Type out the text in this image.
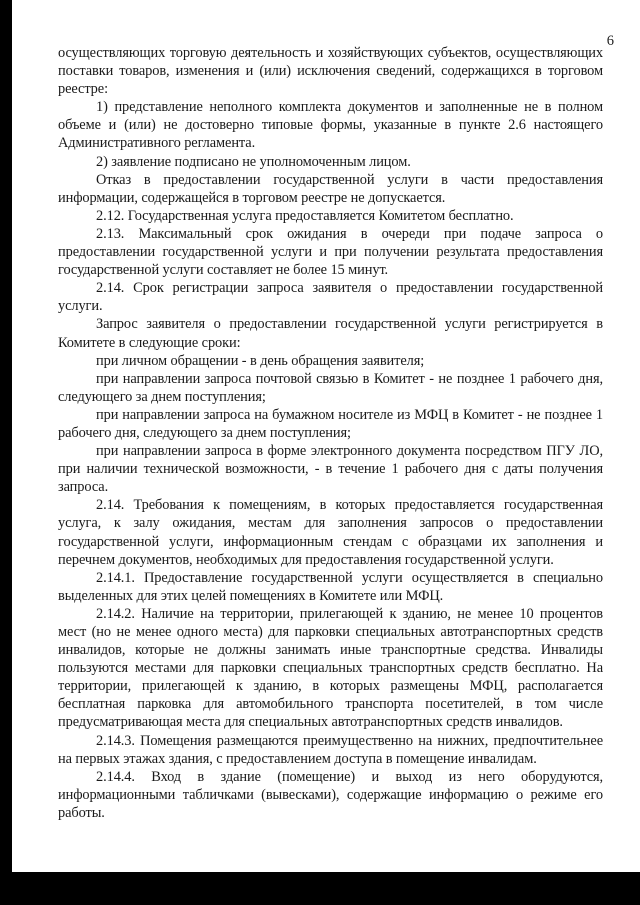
6

осуществляющих торговую деятельность и хозяйствующих субъектов, осуществляющих поставки товаров, изменения и (или) исключения сведений, содержащихся в торговом реестре:

1) представление неполного комплекта документов и заполненные не в полном объеме и (или) не достоверно типовые формы, указанные в пункте 2.6 настоящего Административного регламента.

2) заявление подписано не уполномоченным лицом.

Отказ в предоставлении государственной услуги в части предоставления информации, содержащейся в торговом реестре не допускается.

2.12. Государственная услуга предоставляется Комитетом бесплатно.

2.13. Максимальный срок ожидания в очереди при подаче запроса о предоставлении государственной услуги и при получении результата предоставления государственной услуги составляет не более 15 минут.

2.14. Срок регистрации запроса заявителя о предоставлении государственной услуги.

Запрос заявителя о предоставлении государственной услуги регистрируется в Комитете в следующие сроки:

при личном обращении - в день обращения заявителя;

при направлении запроса почтовой связью в Комитет - не позднее 1 рабочего дня, следующего за днем поступления;

при направлении запроса на бумажном носителе из МФЦ в Комитет - не позднее 1 рабочего дня, следующего за днем поступления;

при направлении запроса в форме электронного документа посредством ПГУ ЛО, при наличии технической возможности, - в течение 1 рабочего дня с даты получения запроса.

2.14. Требования к помещениям, в которых предоставляется государственная услуга, к залу ожидания, местам для заполнения запросов о предоставлении государственной услуги, информационным стендам с образцами их заполнения и перечнем документов, необходимых для предоставления государственной услуги.

2.14.1. Предоставление государственной услуги осуществляется в специально выделенных для этих целей помещениях в Комитете или МФЦ.

2.14.2. Наличие на территории, прилегающей к зданию, не менее 10 процентов мест (но не менее одного места) для парковки специальных автотранспортных средств инвалидов, которые не должны занимать иные транспортные средства. Инвалиды пользуются местами для парковки специальных транспортных средств бесплатно. На территории, прилегающей к зданию, в которых размещены МФЦ, располагается бесплатная парковка для автомобильного транспорта посетителей, в том числе предусматривающая места для специальных автотранспортных средств инвалидов.

2.14.3. Помещения размещаются преимущественно на нижних, предпочтительнее на первых этажах здания, с предоставлением доступа в помещение инвалидам.

2.14.4. Вход в здание (помещение) и выход из него оборудуются, информационными табличками (вывесками), содержащие информацию о режиме его работы.
